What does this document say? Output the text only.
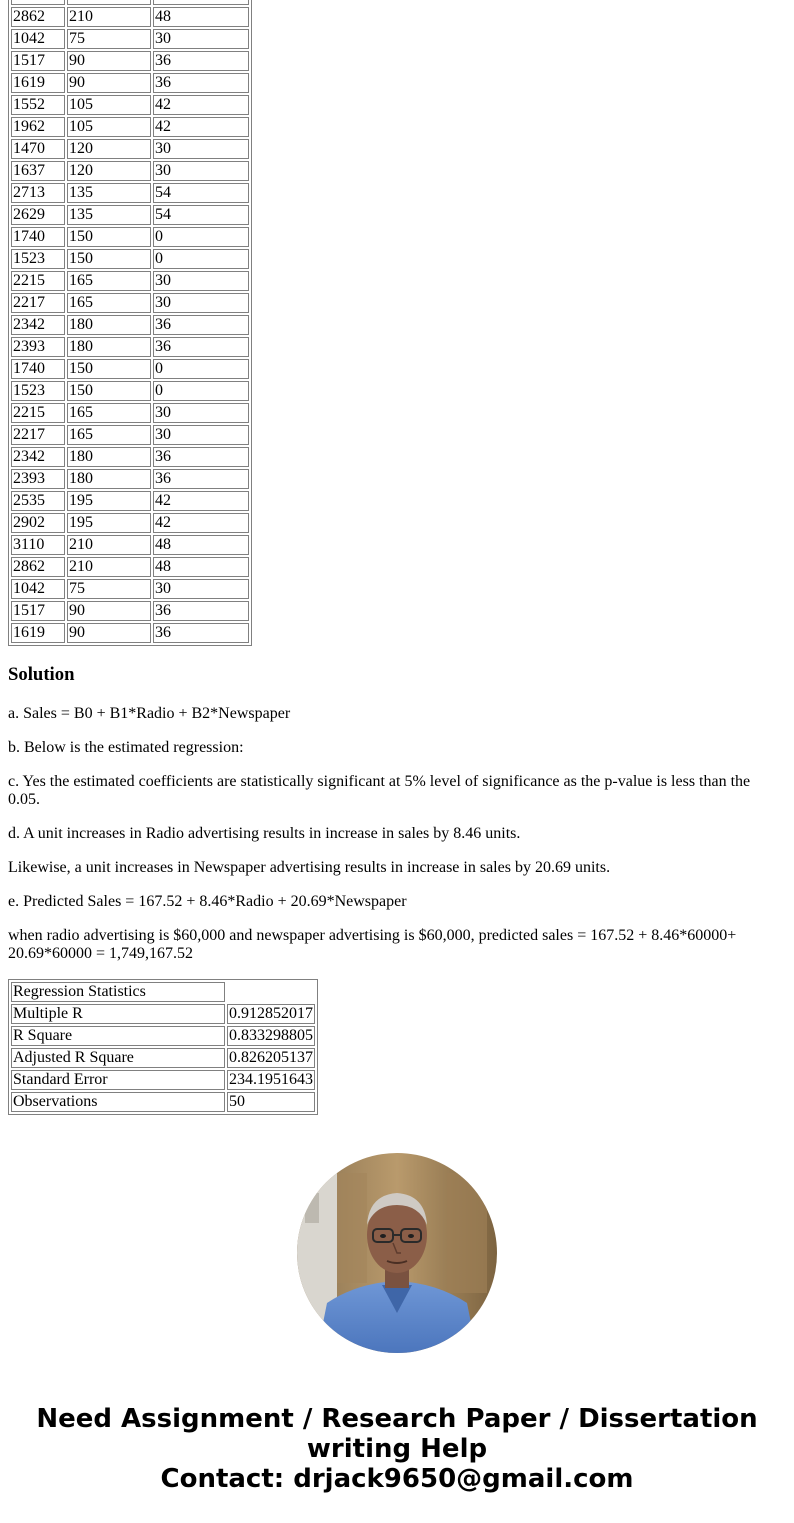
2862	210	48
1042	75	30
1517	90	36
1619	90	36
1552	105	42
1962	105	42
1470	120	30
1637	120	30
2713	135	54
2629	135	54
1740	150	0
1523	150	0
2215	165	30
2217	165	30
2342	180	36
2393	180	36
1740	150	0
1523	150	0
2215	165	30
2217	165	30
2342	180	36
2393	180	36
2535	195	42
2902	195	42
3110	210	48
2862	210	48
1042	75	30
1517	90	36
1619	90	36
Solution

a. Sales = B0 + B1*Radio + B2*Newspaper

b. Below is the estimated regression:

c. Yes the estimated coefficients are statistically significant at 5% level of significance as the p-value is less than the 0.05.

d. A unit increases in Radio advertising results in increase in sales by 8.46 units.

Likewise, a unit increases in Newspaper advertising results in increase in sales by 20.69 units.

e. Predicted Sales = 167.52 + 8.46*Radio + 20.69*Newspaper

when radio advertising is $60,000 and newspaper advertising is $60,000, predicted sales = 167.52 + 8.46*60000+ 20.69*60000 = 1,749,167.52

Regression Statistics	
Multiple R	0.912852017
R Square	0.833298805
Adjusted R Square	0.826205137
Standard Error	234.1951643
Observations	50
Need Assignment / Research Paper / Dissertation
writing Help
Contact: drjack9650@gmail.com
